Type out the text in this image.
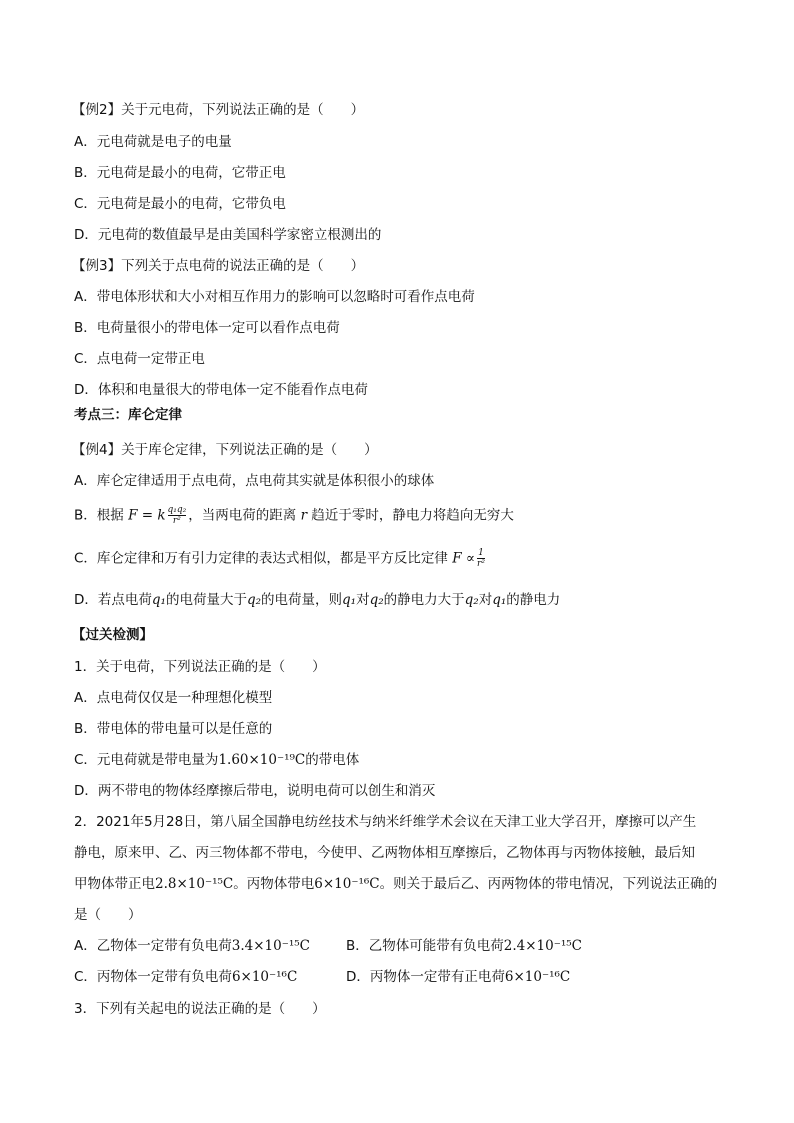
【例2】关于元电荷，下列说法正确的是（　　）
A．元电荷就是电子的电量
B．元电荷是最小的电荷，它带正电
C．元电荷是最小的电荷，它带负电
D．元电荷的数值最早是由美国科学家密立根测出的
【例3】下列关于点电荷的说法正确的是（　　）
A．带电体形状和大小对相互作用力的影响可以忽略时可看作点电荷
B．电荷量很小的带电体一定可以看作点电荷
C．点电荷一定带正电
D．体积和电量很大的带电体一定不能看作点电荷
考点三：库仑定律
【例4】关于库仑定律，下列说法正确的是（　　）
A．库仑定律适用于点电荷，点电荷其实就是体积很小的球体
B．根据 F = k $\frac{\text{q₁q₂}}{\text{r²}}$ ，当两电荷的距离 r 趋近于零时，静电力将趋向无穷大
C．库仑定律和万有引力定律的表达式相似，都是平方反比定律 $F \propto \frac{1}{\text{r²}}$
D．若点电荷q₁的电荷量大于q₂的电荷量，则q₁对q₂的静电力大于q₂对q₁的静电力
【过关检测】
1．关于电荷，下列说法正确的是（　　）
A．点电荷仅仅是一种理想化模型
B．带电体的带电量可以是任意的
C．元电荷就是带电量为1.60×10⁻¹⁹C的带电体
D．两不带电的物体经摩擦后带电，说明电荷可以创生和消灭
2．2021年5月28日，第八届全国静电纺丝技术与纳米纤维学术会议在天津工业大学召开，摩擦可以产生
静电，原来甲、乙、丙三物体都不带电，今使甲、乙两物体相互摩擦后，乙物体再与丙物体接触，最后知
甲物体带正电2.8×10⁻¹⁵C。丙物体带电6×10⁻¹⁶C。则关于最后乙、丙两物体的带电情况，下列说法正确的
是（　　）
A．乙物体一定带有负电荷3.4×10⁻¹⁵C	B．乙物体可能带有负电荷2.4×10⁻¹⁵C
C．丙物体一定带有负电荷6×10⁻¹⁶C	D．丙物体一定带有正电荷6×10⁻¹⁶C
3．下列有关起电的说法正确的是（　　）
